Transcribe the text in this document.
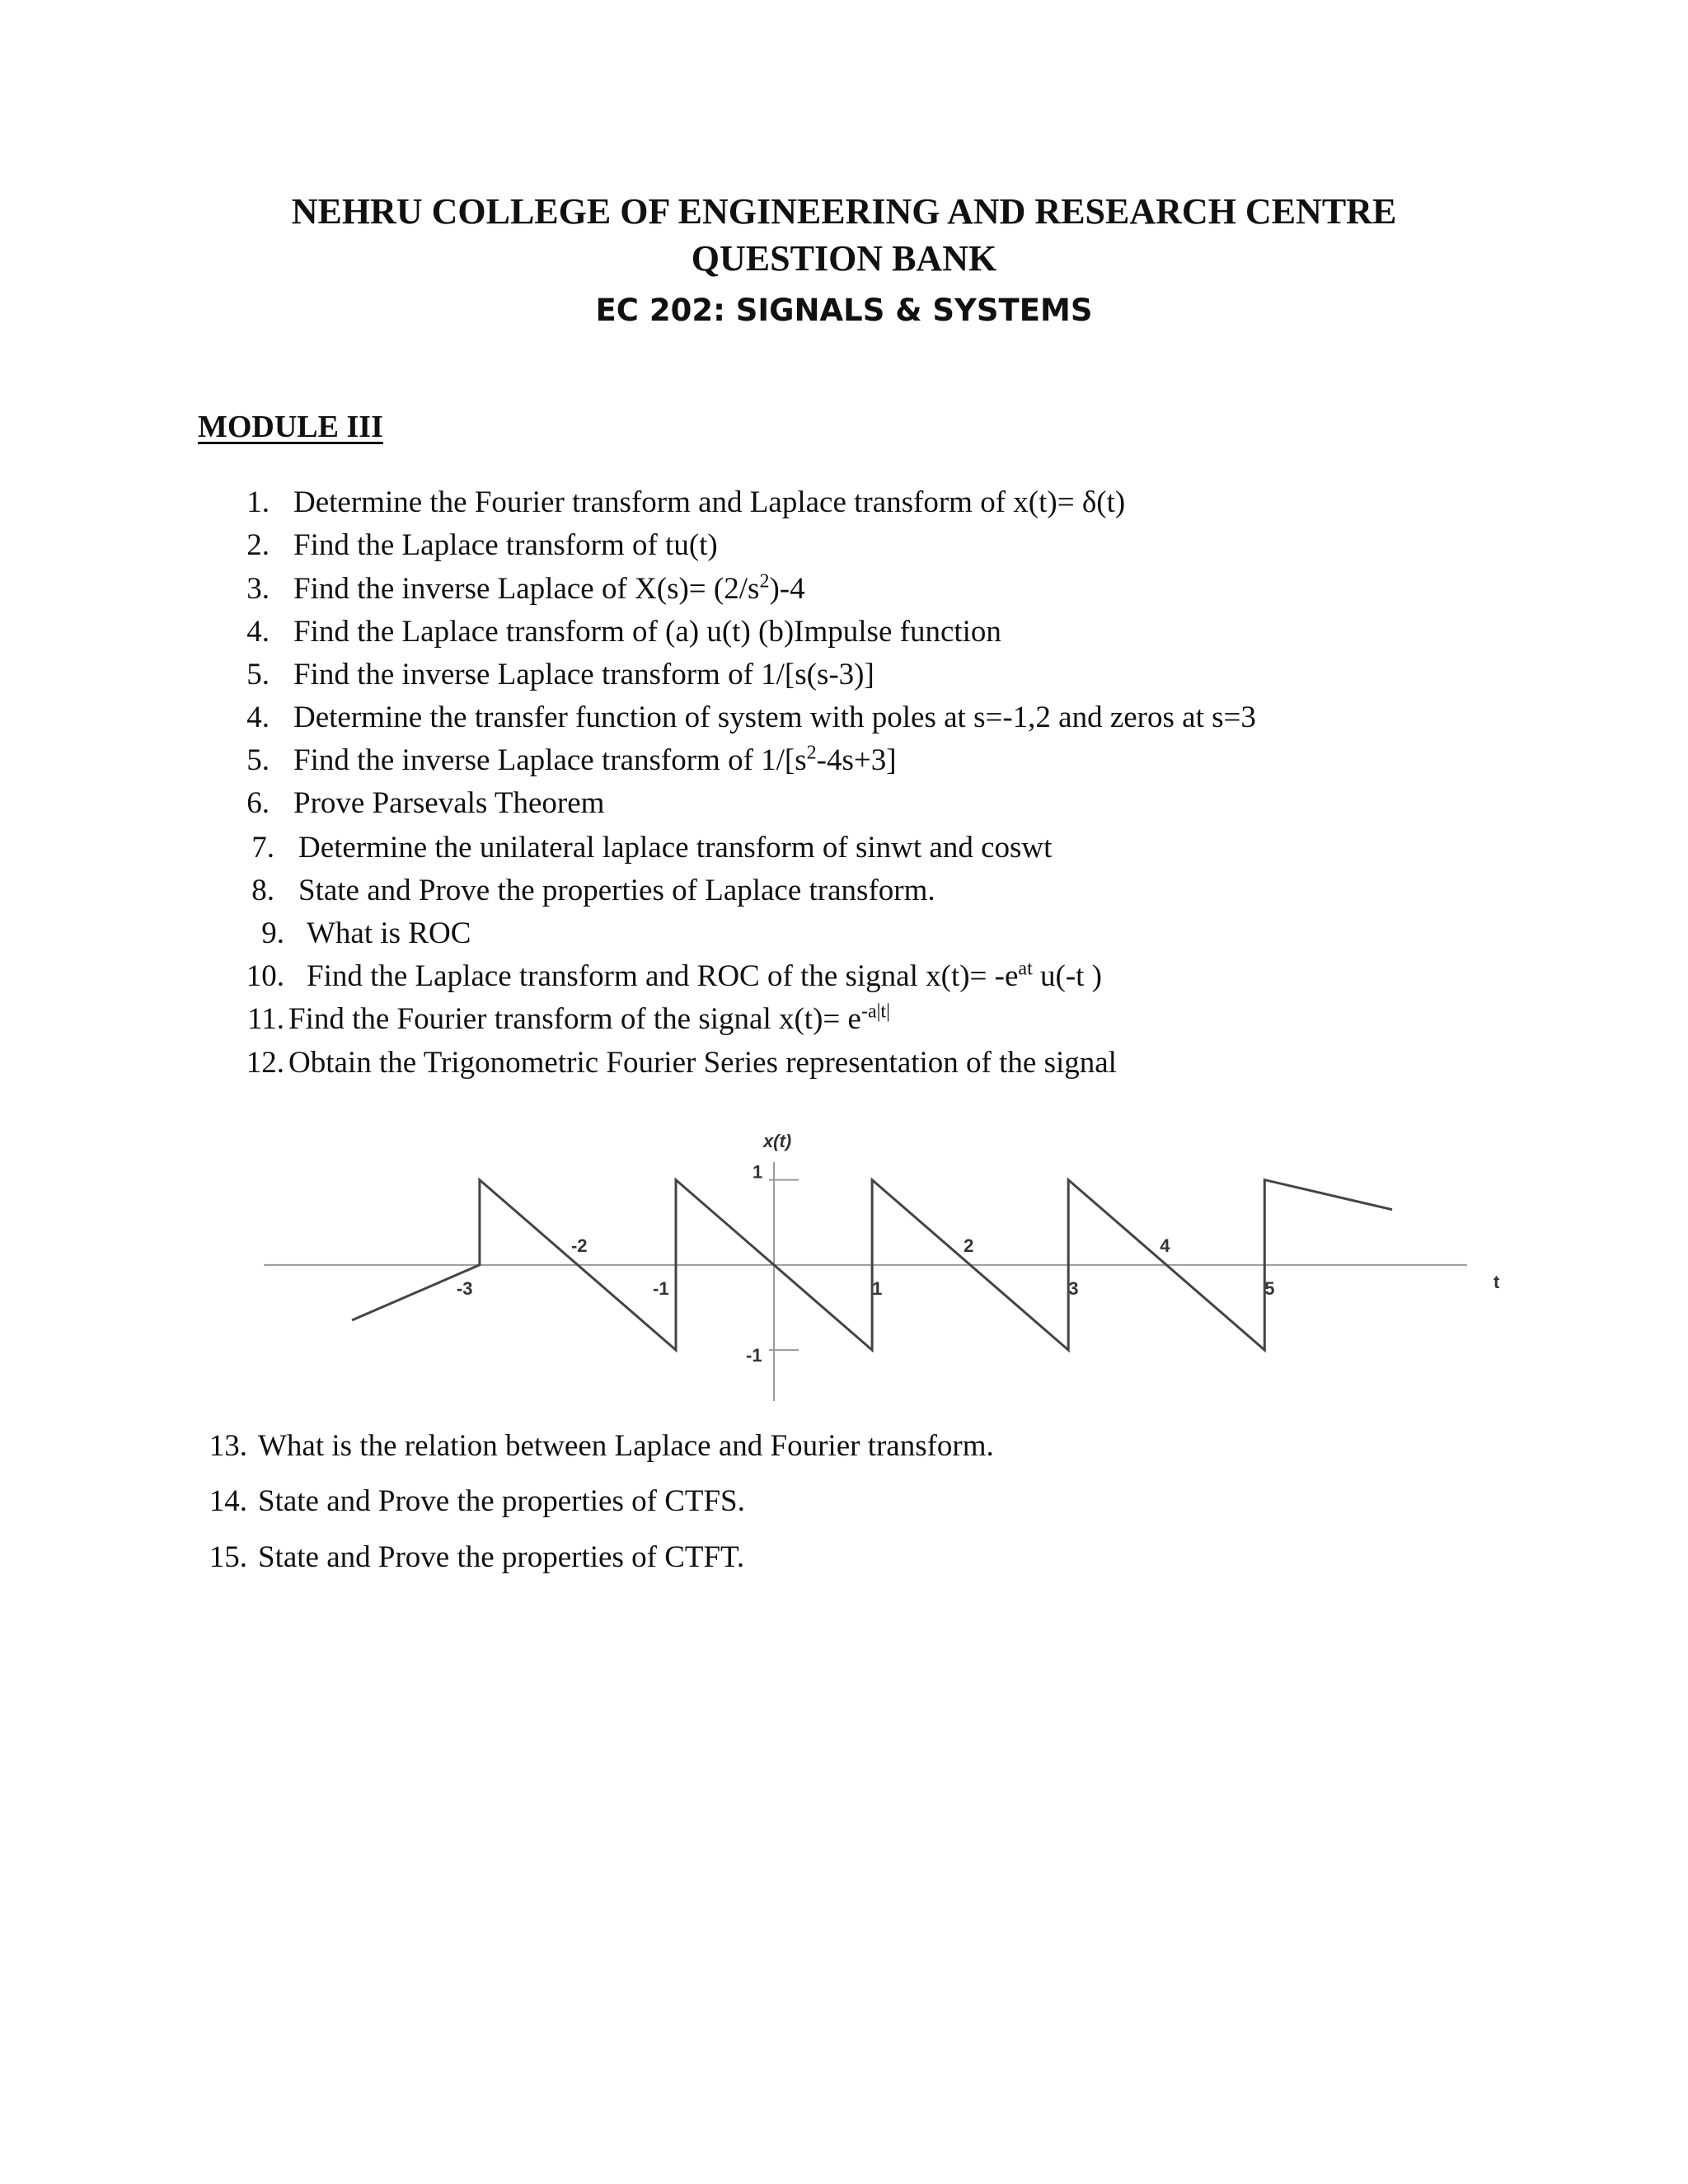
NEHRU COLLEGE OF ENGINEERING AND RESEARCH CENTRE
QUESTION BANK
EC 202: SIGNALS & SYSTEMS
MODULE III
1. Determine the Fourier transform and Laplace transform of x(t)= δ(t)
2. Find the Laplace transform of tu(t)
3. Find the inverse Laplace of $X(s)= (2/s^2)-4$
4. Find the Laplace transform of (a) u(t) (b)Impulse function
5. Find the inverse Laplace transform of 1/[s(s-3)]
4. Determine the transfer function of system with poles at s=-1,2 and zeros at s=3
5. Find the inverse Laplace transform of $1/[s^2-4s+3]$
6. Prove Parsevals Theorem
7. Determine the unilateral laplace transform of sinwt and coswt
8. State and Prove the properties of Laplace transform.
9. What is ROC
10. Find the Laplace transform and ROC of the signal $x(t)= -e^{at}$ u(-t )
11. Find the Fourier transform of the signal $x(t)= e^{-a|t|}$
12. Obtain the Trigonometric Fourier Series representation of the signal
13. What is the relation between Laplace and Fourier transform.
14. State and Prove the properties of CTFS.
15. State and Prove the properties of CTFT.
-3
-2
-1	1
2
3
4
5
1
-1
x(t)
t
